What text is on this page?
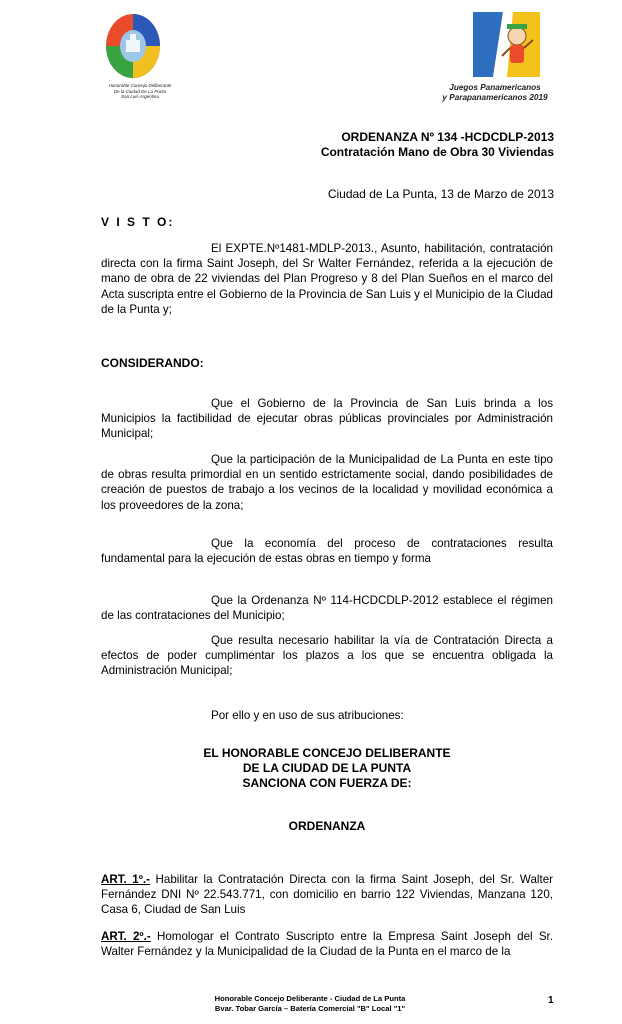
Honorable Concejo Deliberante
De la Ciudad De La Punta
San Luis Argentina
Juegos Panamericanos
y Parapanamericanos 2019
ORDENANZA Nº 134 -HCDCDLP-2013
Contratación Mano de Obra 30 Viviendas
Ciudad de La Punta, 13 de Marzo de 2013
V I S T O:
El EXPTE.Nº1481-MDLP-2013., Asunto, habilitación, contratación directa con la firma Saint Joseph, del Sr Walter Fernández, referida a la ejecución de mano de obra de 22 viviendas del Plan Progreso y 8 del Plan Sueños en el marco del Acta suscripta entre el Gobierno de la Provincia de San Luis y el Municipio de la Ciudad de la Punta y;
CONSIDERANDO:
Que el Gobierno de la Provincia de San Luis brinda a los Municipios la factibilidad de ejecutar obras públicas provinciales por Administración Municipal;
Que la participación de la Municipalidad de La Punta en este tipo de obras resulta primordial en un sentido estrictamente social, dando posibilidades de creación de puestos de trabajo a los vecinos de la localidad y movilidad económica a los proveedores de la zona;
Que la economía del proceso de contrataciones resulta fundamental para la ejecución de estas obras en tiempo y forma
Que la Ordenanza Nº 114-HCDCDLP-2012 establece el régimen de las contrataciones del Municipio;
Que resulta necesario habilitar la vía de Contratación Directa a efectos de poder cumplimentar los plazos a los que se encuentra obligada la Administración Municipal;
Por ello y en uso de sus atribuciones:
EL HONORABLE CONCEJO DELIBERANTE
DE LA CIUDAD DE LA PUNTA
SANCIONA CON FUERZA DE:
ORDENANZA
ART. 1º.- Habilitar la Contratación Directa con la firma Saint Joseph, del Sr. Walter Fernández DNI Nº 22.543.771, con domicilio en barrio 122 Viviendas, Manzana 120, Casa 6, Ciudad de San Luis
ART. 2º.- Homologar el Contrato Suscripto entre la Empresa Saint Joseph del Sr. Walter Fernández y la Municipalidad de la Ciudad de la Punta en el marco de la
Honorable Concejo Deliberante - Ciudad de La Punta
Bvar. Tobar García – Batería Comercial "B" Local "1"
1
